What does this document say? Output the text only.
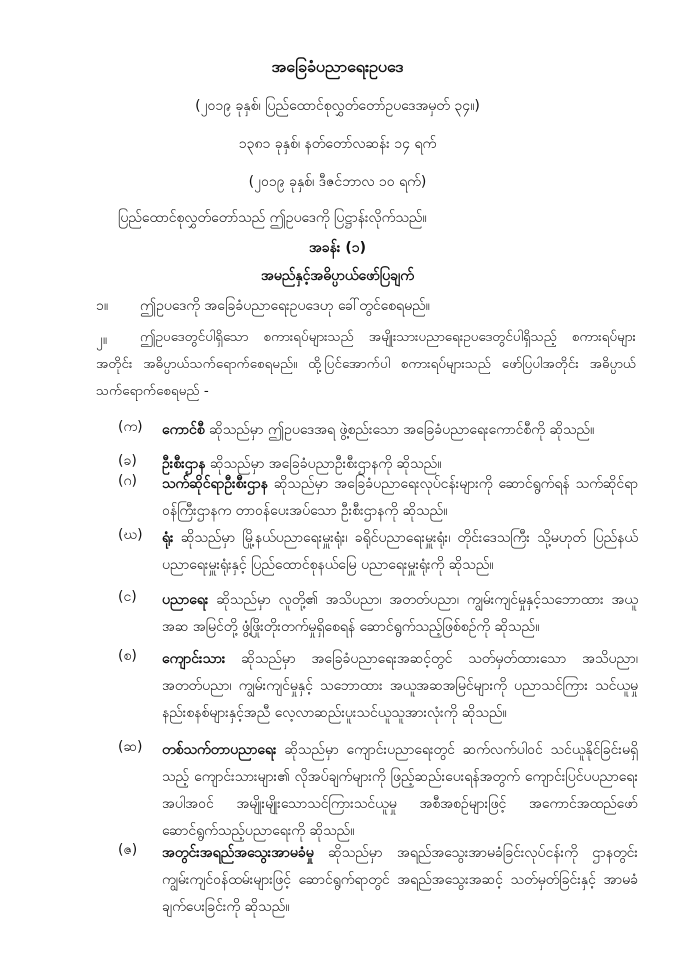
အခြေခံပညာရေးဥပဒေ
(၂၀၁၉ ခုနှစ်၊ ပြည်ထောင်စုလွှတ်တော်ဥပဒေအမှတ် ၃၄။)
၁၃၈၁ ခုနှစ်၊ နတ်တော်လဆန်း ၁၄ ရက်
(၂၀၁၉ ခုနှစ်၊ ဒီဇင်ဘာလ ၁၀ ရက်)
ပြည်ထောင်စုလွှတ်တော်သည် ဤဥပဒေကို ပြဋ္ဌာန်းလိုက်သည်။
အခန်း (၁)
အမည်နှင့်အဓိပ္ပာယ်ဖော်ပြချက်
၁။ ဤဥပဒေကို အခြေခံပညာရေးဥပဒေဟု ခေါ်တွင်စေရမည်။
၂။	ဤဥပဒေတွင်ပါရှိသော စကားရပ်များသည် အမျိုးသားပညာရေးဥပဒေတွင်ပါရှိသည့် စကားရပ်များအတိုင်း အဓိပ္ပာယ်သက်ရောက်စေရမည်။ ထို့ပြင်အောက်ပါ စကားရပ်များသည် ဖော်ပြပါအတိုင်း အဓိပ္ပာယ်သက်ရောက်စေရမည် -
(က)	ကောင်စီ ဆိုသည်မှာ ဤဥပဒေအရ ဖွဲ့စည်းသော အခြေခံပညာရေးကောင်စီကို ဆိုသည်။
(ခ)	ဦးစီးဌာန ဆိုသည်မှာ အခြေခံပညာဦးစီးဌာနကို ဆိုသည်။
(ဂ)	သက်ဆိုင်ရာဦးစီးဌာန ဆိုသည်မှာ အခြေခံပညာရေးလုပ်ငန်းများကို ဆောင်ရွက်ရန် သက်ဆိုင်ရာဝန်ကြီးဌာနက တာဝန်ပေးအပ်သော ဦးစီးဌာနကို ဆိုသည်။
(ဃ)	ရုံး ဆိုသည်မှာ မြို့နယ်ပညာရေးမှူးရုံး၊ ခရိုင်ပညာရေးမှူးရုံး၊ တိုင်းဒေသကြီး သို့မဟုတ် ပြည်နယ်ပညာရေးမှူးရုံးနှင့် ပြည်ထောင်စုနယ်မြေ ပညာရေးမှူးရုံးကို ဆိုသည်။
(င)	ပညာရေး ဆိုသည်မှာ လူတို့၏ အသိပညာ၊ အတတ်ပညာ၊ ကျွမ်းကျင်မှုနှင့်သဘောထား အယူအဆ အမြင်တို့ ဖွံ့ဖြိုးတိုးတက်မှုရှိစေရန် ဆောင်ရွက်သည့်ဖြစ်စဉ်ကို ဆိုသည်။
(စ)	ကျောင်းသား ဆိုသည်မှာ အခြေခံပညာရေးအဆင့်တွင် သတ်မှတ်ထားသော အသိပညာ၊ အတတ်ပညာ၊ ကျွမ်းကျင်မှုနှင့် သဘောထား အယူအဆအမြင်များကို ပညာသင်ကြား သင်ယူမှုနည်းစနစ်များနှင့်အညီ လေ့လာဆည်းပူးသင်ယူသူအားလုံးကို ဆိုသည်။
(ဆ)	တစ်သက်တာပညာရေး ဆိုသည်မှာ ကျောင်းပညာရေးတွင် ဆက်လက်ပါဝင် သင်ယူနိုင်ခြင်းမရှိသည့် ကျောင်းသားများ၏ လိုအပ်ချက်များကို ဖြည့်ဆည်းပေးရန်အတွက် ကျောင်းပြင်ပပညာရေးအပါအဝင် အမျိုးမျိုးသောသင်ကြားသင်ယူမှု အစီအစဉ်များဖြင့် အကောင်အထည်ဖော် ဆောင်ရွက်သည့်ပညာရေးကို ဆိုသည်။
(ဇ)	အတွင်းအရည်အသွေးအာမခံမှု ဆိုသည်မှာ အရည်အသွေးအာမခံခြင်းလုပ်ငန်းကို ဌာနတွင်း ကျွမ်းကျင်ဝန်ထမ်းများဖြင့် ဆောင်ရွက်ရာတွင် အရည်အသွေးအဆင့် သတ်မှတ်ခြင်းနှင့် အာမခံချက်ပေးခြင်းကို ဆိုသည်။
